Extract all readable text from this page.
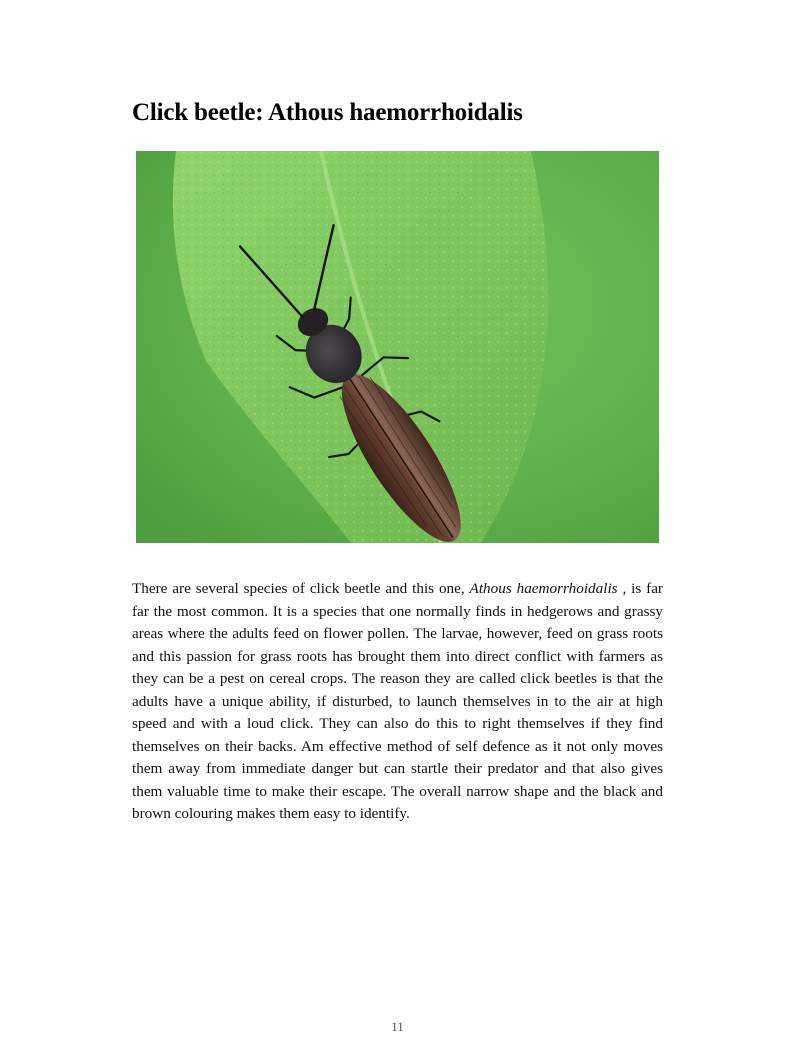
Click beetle: Athous haemorrhoidalis

There are several species of click beetle and this one, Athous haemorrhoidalis , is far far the most common. It is a species that one normally finds in hedgerows and grassy areas where the adults feed on flower pollen. The larvae, however, feed on grass roots and this passion for grass roots has brought them into direct conflict with farmers as they can be a pest on cereal crops. The reason they are called click beetles is that the adults have a unique ability, if disturbed, to launch themselves in to the air at high speed and with a loud click. They can also do this to right themselves if they find themselves on their backs. Am effective method of self defence as it not only moves them away from immediate danger but can startle their predator and that also gives them valuable time to make their escape. The overall narrow shape and the black and brown colouring makes them easy to identify.

11
